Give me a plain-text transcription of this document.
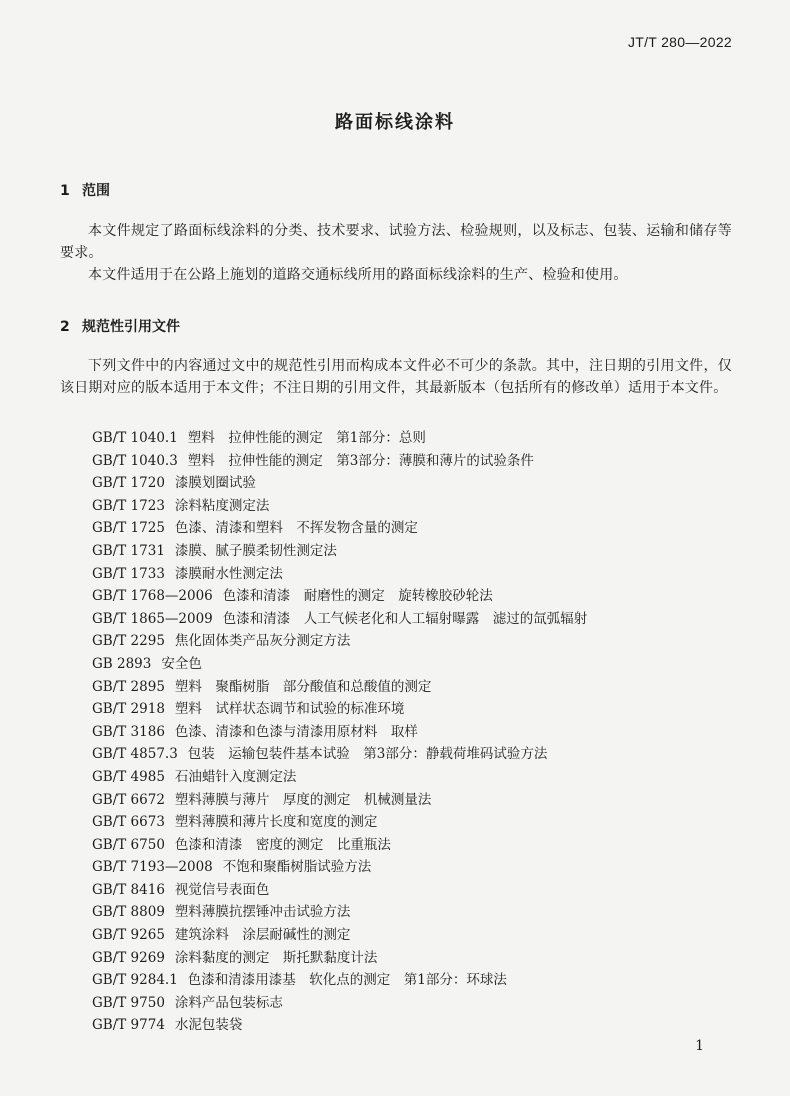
JT/T 280—2022
路面标线涂料
1 范围
本文件规定了路面标线涂料的分类、技术要求、试验方法、检验规则，以及标志、包装、运输和储存等要求。
本文件适用于在公路上施划的道路交通标线所用的路面标线涂料的生产、检验和使用。
2 规范性引用文件
下列文件中的内容通过文中的规范性引用而构成本文件必不可少的条款。其中，注日期的引用文件，仅该日期对应的版本适用于本文件；不注日期的引用文件，其最新版本（包括所有的修改单）适用于本文件。
GB/T 1040.1 塑料　拉伸性能的测定　第1部分：总则
GB/T 1040.3 塑料　拉伸性能的测定　第3部分：薄膜和薄片的试验条件
GB/T 1720 漆膜划圈试验
GB/T 1723 涂料粘度测定法
GB/T 1725 色漆、清漆和塑料　不挥发物含量的测定
GB/T 1731 漆膜、腻子膜柔韧性测定法
GB/T 1733 漆膜耐水性测定法
GB/T 1768—2006 色漆和清漆　耐磨性的测定　旋转橡胶砂轮法
GB/T 1865—2009 色漆和清漆　人工气候老化和人工辐射曝露　滤过的氙弧辐射
GB/T 2295 焦化固体类产品灰分测定方法
GB 2893 安全色
GB/T 2895 塑料　聚酯树脂　部分酸值和总酸值的测定
GB/T 2918 塑料　试样状态调节和试验的标准环境
GB/T 3186 色漆、清漆和色漆与清漆用原材料　取样
GB/T 4857.3 包装　运输包装件基本试验　第3部分：静载荷堆码试验方法
GB/T 4985 石油蜡针入度测定法
GB/T 6672 塑料薄膜与薄片　厚度的测定　机械测量法
GB/T 6673 塑料薄膜和薄片长度和宽度的测定
GB/T 6750 色漆和清漆　密度的测定　比重瓶法
GB/T 7193—2008 不饱和聚酯树脂试验方法
GB/T 8416 视觉信号表面色
GB/T 8809 塑料薄膜抗摆锤冲击试验方法
GB/T 9265 建筑涂料　涂层耐碱性的测定
GB/T 9269 涂料黏度的测定　斯托默黏度计法
GB/T 9284.1 色漆和清漆用漆基　软化点的测定　第1部分：环球法
GB/T 9750 涂料产品包装标志
GB/T 9774 水泥包装袋
1
